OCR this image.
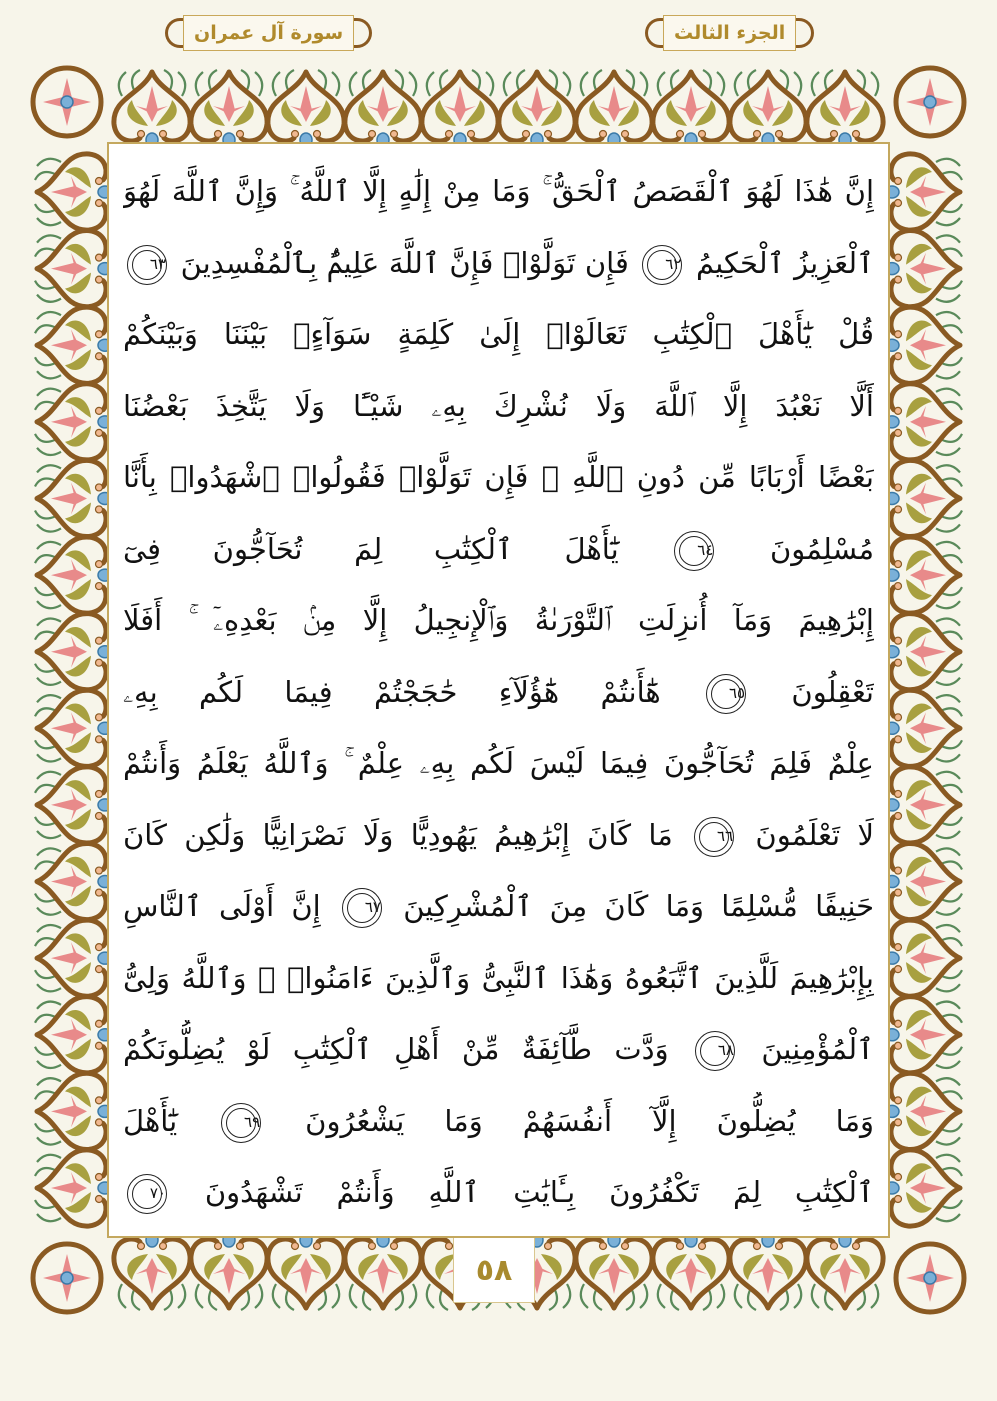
سورة آل عمران	الجزء الثالث
إِنَّ هَٰذَا لَهُوَ ٱلْقَصَصُ ٱلْحَقُّ ۚ وَمَا مِنْ إِلَٰهٍ إِلَّا ٱللَّهُ ۚ وَإِنَّ ٱللَّهَ لَهُوَ
ٱلْعَزِيزُ ٱلْحَكِيمُ ٦٢ فَإِن تَوَلَّوْا۟ فَإِنَّ ٱللَّهَ عَلِيمٌۢ بِٱلْمُفْسِدِينَ ٦٣
قُلْ يَٰٓأَهْلَ ٱلْكِتَٰبِ تَعَالَوْا۟ إِلَىٰ كَلِمَةٍ سَوَآءٍۭ بَيْنَنَا وَبَيْنَكُمْ
أَلَّا نَعْبُدَ إِلَّا ٱللَّهَ وَلَا نُشْرِكَ بِهِۦ شَيْـًٔا وَلَا يَتَّخِذَ بَعْضُنَا
بَعْضًا أَرْبَابًا مِّن دُونِ ٱللَّهِ ۚ فَإِن تَوَلَّوْا۟ فَقُولُوا۟ ٱشْهَدُوا۟ بِأَنَّا
مُسْلِمُونَ ٦٤ يَٰٓأَهْلَ ٱلْكِتَٰبِ لِمَ تُحَآجُّونَ فِىٓ
إِبْرَٰهِيمَ وَمَآ أُنزِلَتِ ٱلتَّوْرَىٰةُ وَٱلْإِنجِيلُ إِلَّا مِنۢ بَعْدِهِۦٓ ۚ أَفَلَا
تَعْقِلُونَ ٦٥ هَٰٓأَنتُمْ هَٰٓؤُلَآءِ حَٰجَجْتُمْ فِيمَا لَكُم بِهِۦ
عِلْمٌ فَلِمَ تُحَآجُّونَ فِيمَا لَيْسَ لَكُم بِهِۦ عِلْمٌ ۚ وَٱللَّهُ يَعْلَمُ وَأَنتُمْ
لَا تَعْلَمُونَ ٦٦ مَا كَانَ إِبْرَٰهِيمُ يَهُودِيًّا وَلَا نَصْرَانِيًّا وَلَٰكِن كَانَ
حَنِيفًا مُّسْلِمًا وَمَا كَانَ مِنَ ٱلْمُشْرِكِينَ ٦٧ إِنَّ أَوْلَى ٱلنَّاسِ
بِإِبْرَٰهِيمَ لَلَّذِينَ ٱتَّبَعُوهُ وَهَٰذَا ٱلنَّبِىُّ وَٱلَّذِينَ ءَامَنُوا۟ ۗ وَٱللَّهُ وَلِىُّ
ٱلْمُؤْمِنِينَ ٦٨ وَدَّت طَّآئِفَةٌ مِّنْ أَهْلِ ٱلْكِتَٰبِ لَوْ يُضِلُّونَكُمْ
وَمَا يُضِلُّونَ إِلَّآ أَنفُسَهُمْ وَمَا يَشْعُرُونَ ٦٩ يَٰٓأَهْلَ
ٱلْكِتَٰبِ لِمَ تَكْفُرُونَ بِـَٔايَٰتِ ٱللَّهِ وَأَنتُمْ تَشْهَدُونَ ٧٠
٥٨
